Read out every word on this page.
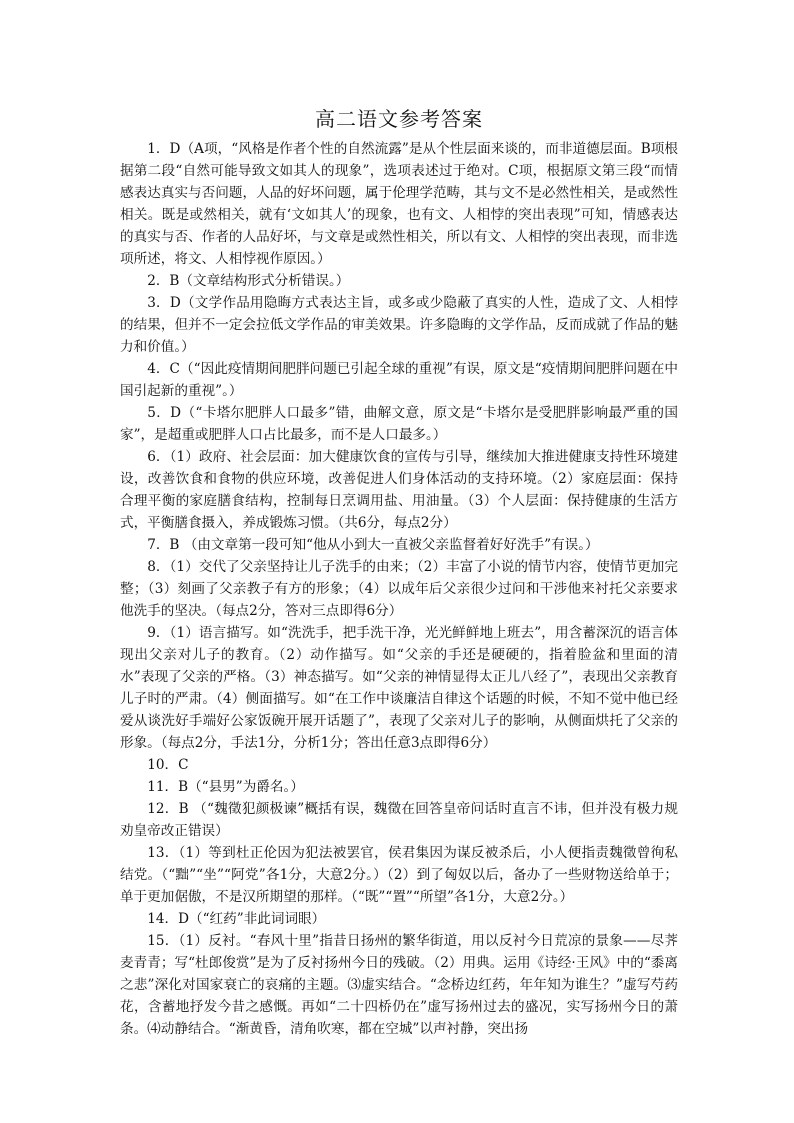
高二语文参考答案

1．D（A项，“风格是作者个性的自然流露”是从个性层面来谈的，而非道德层面。B项根据第二段“自然可能导致文如其人的现象”，选项表述过于绝对。C项，根据原文第三段“而情感表达真实与否问题，人品的好坏问题，属于伦理学范畴，其与文不是必然性相关，是或然性相关。既是或然相关，就有‘文如其人’的现象，也有文、人相悖的突出表现”可知，情感表达的真实与否、作者的人品好坏，与文章是或然性相关，所以有文、人相悖的突出表现，而非选项所述，将文、人相悖视作原因。）

2．B（文章结构形式分析错误。）

3．D（文学作品用隐晦方式表达主旨，或多或少隐蔽了真实的人性，造成了文、人相悖的结果，但并不一定会拉低文学作品的审美效果。许多隐晦的文学作品，反而成就了作品的魅力和价值。）

4．C（“因此疫情期间肥胖问题已引起全球的重视”有误，原文是“疫情期间肥胖问题在中国引起新的重视”。）

5．D（“卡塔尔肥胖人口最多”错，曲解文意，原文是“卡塔尔是受肥胖影响最严重的国家”，是超重或肥胖人口占比最多，而不是人口最多。）

6．（1）政府、社会层面：加大健康饮食的宣传与引导，继续加大推进健康支持性环境建设，改善饮食和食物的供应环境，改善促进人们身体活动的支持环境。（2）家庭层面：保持合理平衡的家庭膳食结构，控制每日烹调用盐、用油量。（3）个人层面：保持健康的生活方式，平衡膳食摄入，养成锻炼习惯。（共6分，每点2分）

7．B （由文章第一段可知“他从小到大一直被父亲监督着好好洗手”有误。）

8．（1）交代了父亲坚持让儿子洗手的由来；（2）丰富了小说的情节内容，使情节更加完整；（3）刻画了父亲教子有方的形象；（4）以成年后父亲很少过问和干涉他来衬托父亲要求他洗手的坚决。（每点2分，答对三点即得6分）

9．（1）语言描写。如“洗洗手，把手洗干净，光光鲜鲜地上班去”，用含蓄深沉的语言体现出父亲对儿子的教育。（2）动作描写。如“父亲的手还是硬硬的，指着脸盆和里面的清水”表现了父亲的严格。（3）神态描写。如“父亲的神情显得太正儿八经了”，表现出父亲教育儿子时的严肃。（4）侧面描写。如“在工作中谈廉洁自律这个话题的时候，不知不觉中他已经爱从谈洗好手端好公家饭碗开展开话题了”，表现了父亲对儿子的影响，从侧面烘托了父亲的形象。（每点2分，手法1分，分析1分；答出任意3点即得6分）

10．C

11．B（“县男”为爵名。）

12．B （“魏徵犯颜极谏”概括有误，魏徵在回答皇帝问话时直言不讳，但并没有极力规劝皇帝改正错误）

13．（1）等到杜正伦因为犯法被罢官，侯君集因为谋反被杀后，小人便指责魏徵曾徇私结党。（“黜”“坐”“阿党”各1分，大意2分。）（2）到了匈奴以后，备办了一些财物送给单于；单于更加倨傲，不是汉所期望的那样。（“既”“置”“所望”各1分，大意2分。）

14．D（“红药”非此词词眼）

15．（1）反衬。“春风十里”指昔日扬州的繁华街道，用以反衬今日荒凉的景象——尽荠麦青青；写“杜郎俊赏”是为了反衬扬州今日的残破。（2）用典。运用《诗经·王风》中的“黍离之悲”深化对国家衰亡的哀痛的主题。⑶虚实结合。“念桥边红药，年年知为谁生？”虚写芍药花，含蓄地抒发今昔之感慨。再如“二十四桥仍在”虚写扬州过去的盛况，实写扬州今日的萧条。⑷动静结合。“渐黄昏，清角吹寒，都在空城”以声衬静，突出扬
